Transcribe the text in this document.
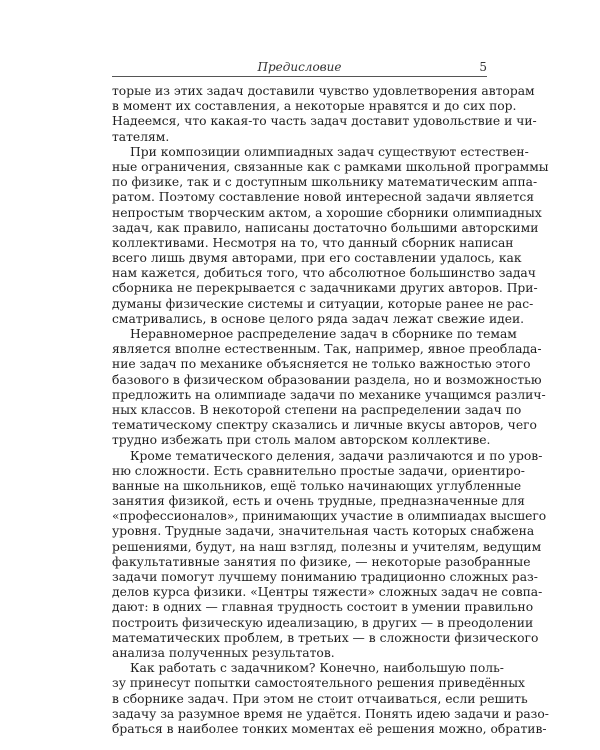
Предисловие	5
торые из этих задач доставили чувство удовлетворения авторам
в момент их составления, а некоторые нравятся и до сих пор.
Надеемся, что какая-то часть задач доставит удовольствие и чи-
тателям.
При композиции олимпиадных задач существуют естествен-
ные ограничения, связанные как с рамками школьной программы
по физике, так и с доступным школьнику математическим аппа-
ратом. Поэтому составление новой интересной задачи является
непростым творческим актом, а хорошие сборники олимпиадных
задач, как правило, написаны достаточно большими авторскими
коллективами. Несмотря на то, что данный сборник написан
всего лишь двумя авторами, при его составлении удалось, как
нам кажется, добиться того, что абсолютное большинство задач
сборника не перекрывается с задачниками других авторов. При-
думаны физические системы и ситуации, которые ранее не рас-
сматривались, в основе целого ряда задач лежат свежие идеи.
Неравномерное распределение задач в сборнике по темам
является вполне естественным. Так, например, явное преоблада-
ние задач по механике объясняется не только важностью этого
базового в физическом образовании раздела, но и возможностью
предложить на олимпиаде задачи по механике учащимся различ-
ных классов. В некоторой степени на распределении задач по
тематическому спектру сказались и личные вкусы авторов, чего
трудно избежать при столь малом авторском коллективе.
Кроме тематического деления, задачи различаются и по уров-
ню сложности. Есть сравнительно простые задачи, ориентиро-
ванные на школьников, ещё только начинающих углубленные
занятия физикой, есть и очень трудные, предназначенные для
«профессионалов», принимающих участие в олимпиадах высшего
уровня. Трудные задачи, значительная часть которых снабжена
решениями, будут, на наш взгляд, полезны и учителям, ведущим
факультативные занятия по физике, — некоторые разобранные
задачи помогут лучшему пониманию традиционно сложных раз-
делов курса физики. «Центры тяжести» сложных задач не совпа-
дают: в одних — главная трудность состоит в умении правильно
построить физическую идеализацию, в других — в преодолении
математических проблем, в третьих — в сложности физического
анализа полученных результатов.
Как работать с задачником? Конечно, наибольшую поль-
зу принесут попытки самостоятельного решения приведённых
в сборнике задач. При этом не стоит отчаиваться, если решить
задачу за разумное время не удаётся. Понять идею задачи и разо-
браться в наиболее тонких моментах её решения можно, обратив-
